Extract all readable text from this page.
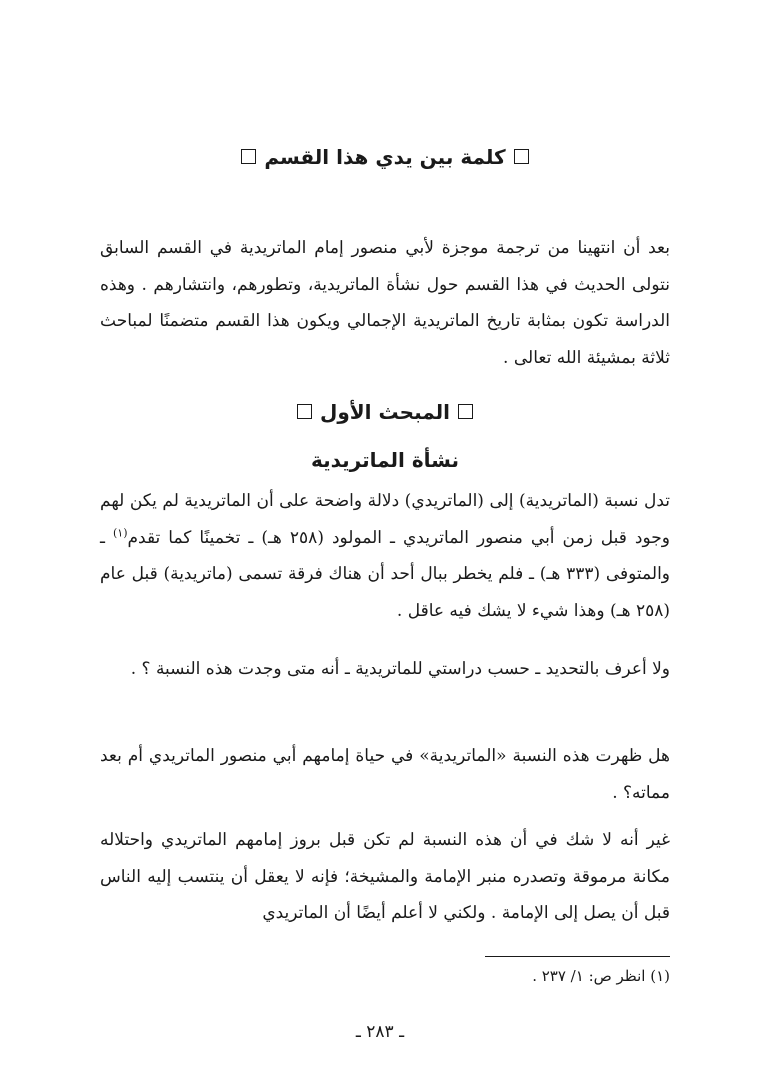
كلمة بين يدي هذا القسم

بعد أن انتهينا من ترجمة موجزة لأبي منصور إمام الماتريدية في القسم السابق نتولى الحديث في هذا القسم حول نشأة الماتريدية، وتطورهم، وانتشارهم . وهذه الدراسة تكون بمثابة تاريخ الماتريدية الإجمالي ويكون هذا القسم متضمنًا لمباحث ثلاثة بمشيئة الله تعالى .

المبحث الأول
نشأة الماتريدية

تدل نسبة (الماتريدية) إلى (الماتريدي) دلالة واضحة على أن الماتريدية لم يكن لهم وجود قبل زمن أبي منصور الماتريدي ـ المولود (٢٥٨ هـ) ـ تخمينًا كما تقدم$^{(١)}$ ـ والمتوفى (٣٣٣ هـ) ـ فلم يخطر ببال أحد أن هناك فرقة تسمى (ماتريدية) قبل عام (٢٥٨ هـ) وهذا شيء لا يشك فيه عاقل .

ولا أعرف بالتحديد ـ حسب دراستي للماتريدية ـ أنه متى وجدت هذه النسبة ؟ .

هل ظهرت هذه النسبة «الماتريدية» في حياة إمامهم أبي منصور الماتريدي أم بعد مماته؟ .

غير أنه لا شك في أن هذه النسبة لم تكن قبل بروز إمامهم الماتريدي واحتلاله مكانة مرموقة وتصدره منبر الإمامة والمشيخة؛ فإنه لا يعقل أن ينتسب إليه الناس قبل أن يصل إلى الإمامة . ولكني لا أعلم أيضًا أن الماتريدي

(١) انظر ص: ١/ ٢٣٧ .
ـ ٢٨٣ ـ
